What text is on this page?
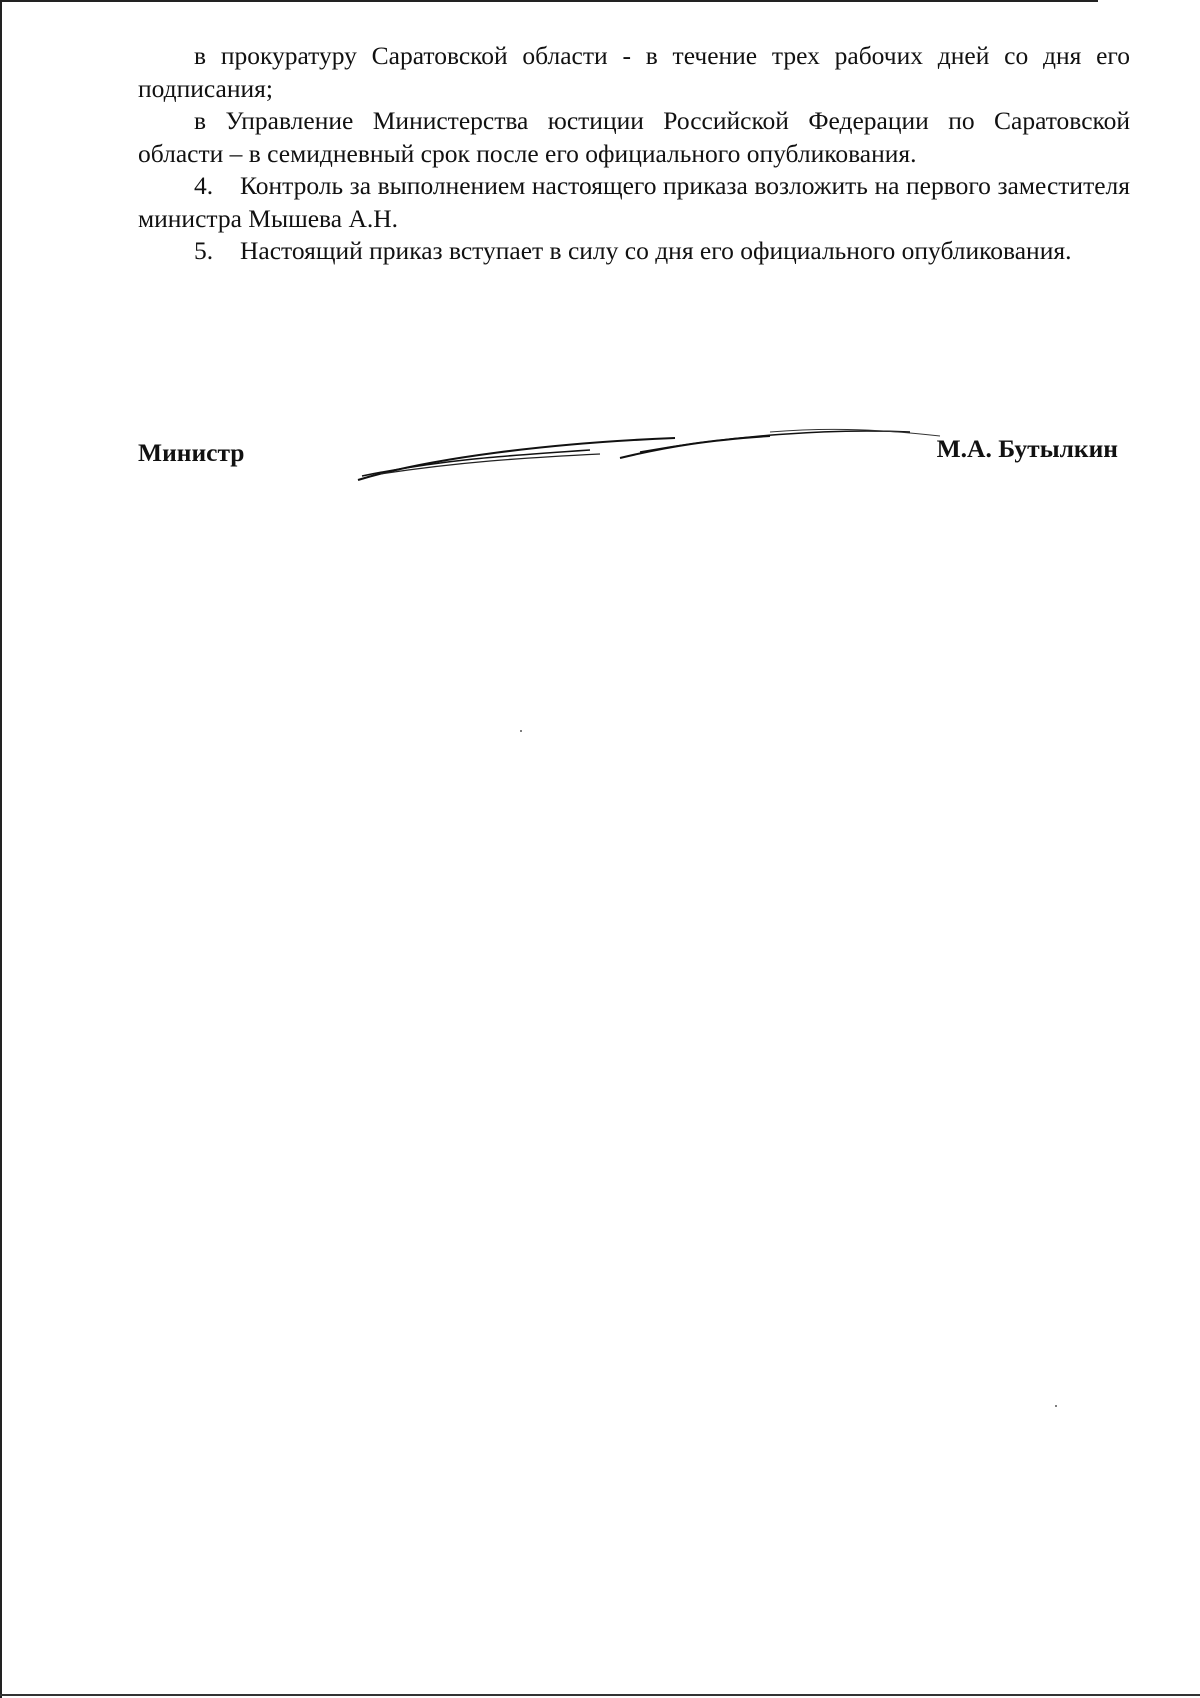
в прокуратуру Саратовской области - в течение трех рабочих дней со дня его подписания;

в Управление Министерства юстиции Российской Федерации по Саратовской области – в семидневный срок после его официального опубликования.

4. Контроль за выполнением настоящего приказа возложить на первого заместителя министра Мышева А.Н.

5. Настоящий приказ вступает в силу со дня его официального опубликования.

Министр	М.А. Бутылкин
